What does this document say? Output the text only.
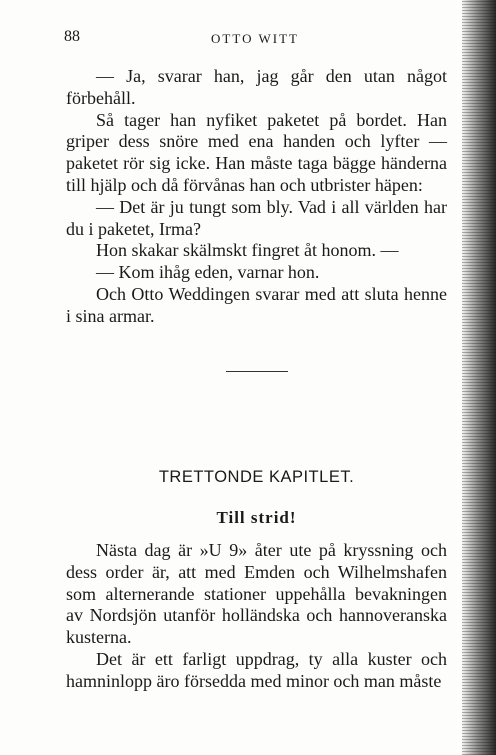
88	OTTO WITT

— Ja, svarar han, jag går den utan något förbehåll.

Så tager han nyfiket paketet på bordet. Han griper dess snöre med ena handen och lyfter — paketet rör sig icke. Han måste taga bägge händerna till hjälp och då förvånas han och utbrister häpen:

— Det är ju tungt som bly. Vad i all världen har du i paketet, Irma?

Hon skakar skälmskt fingret åt honom. —

— Kom ihåg eden, varnar hon.

Och Otto Weddingen svarar med att sluta henne i sina armar.

TRETTONDE KAPITLET.
Till strid!

Nästa dag är »U 9» åter ute på kryssning och dess order är, att med Emden och Wilhelmshafen som alternerande stationer uppehålla bevakningen av Nordsjön utanför holländska och hannoveranska kusterna.

Det är ett farligt uppdrag, ty alla kuster och hamninlopp äro försedda med minor och man måste
